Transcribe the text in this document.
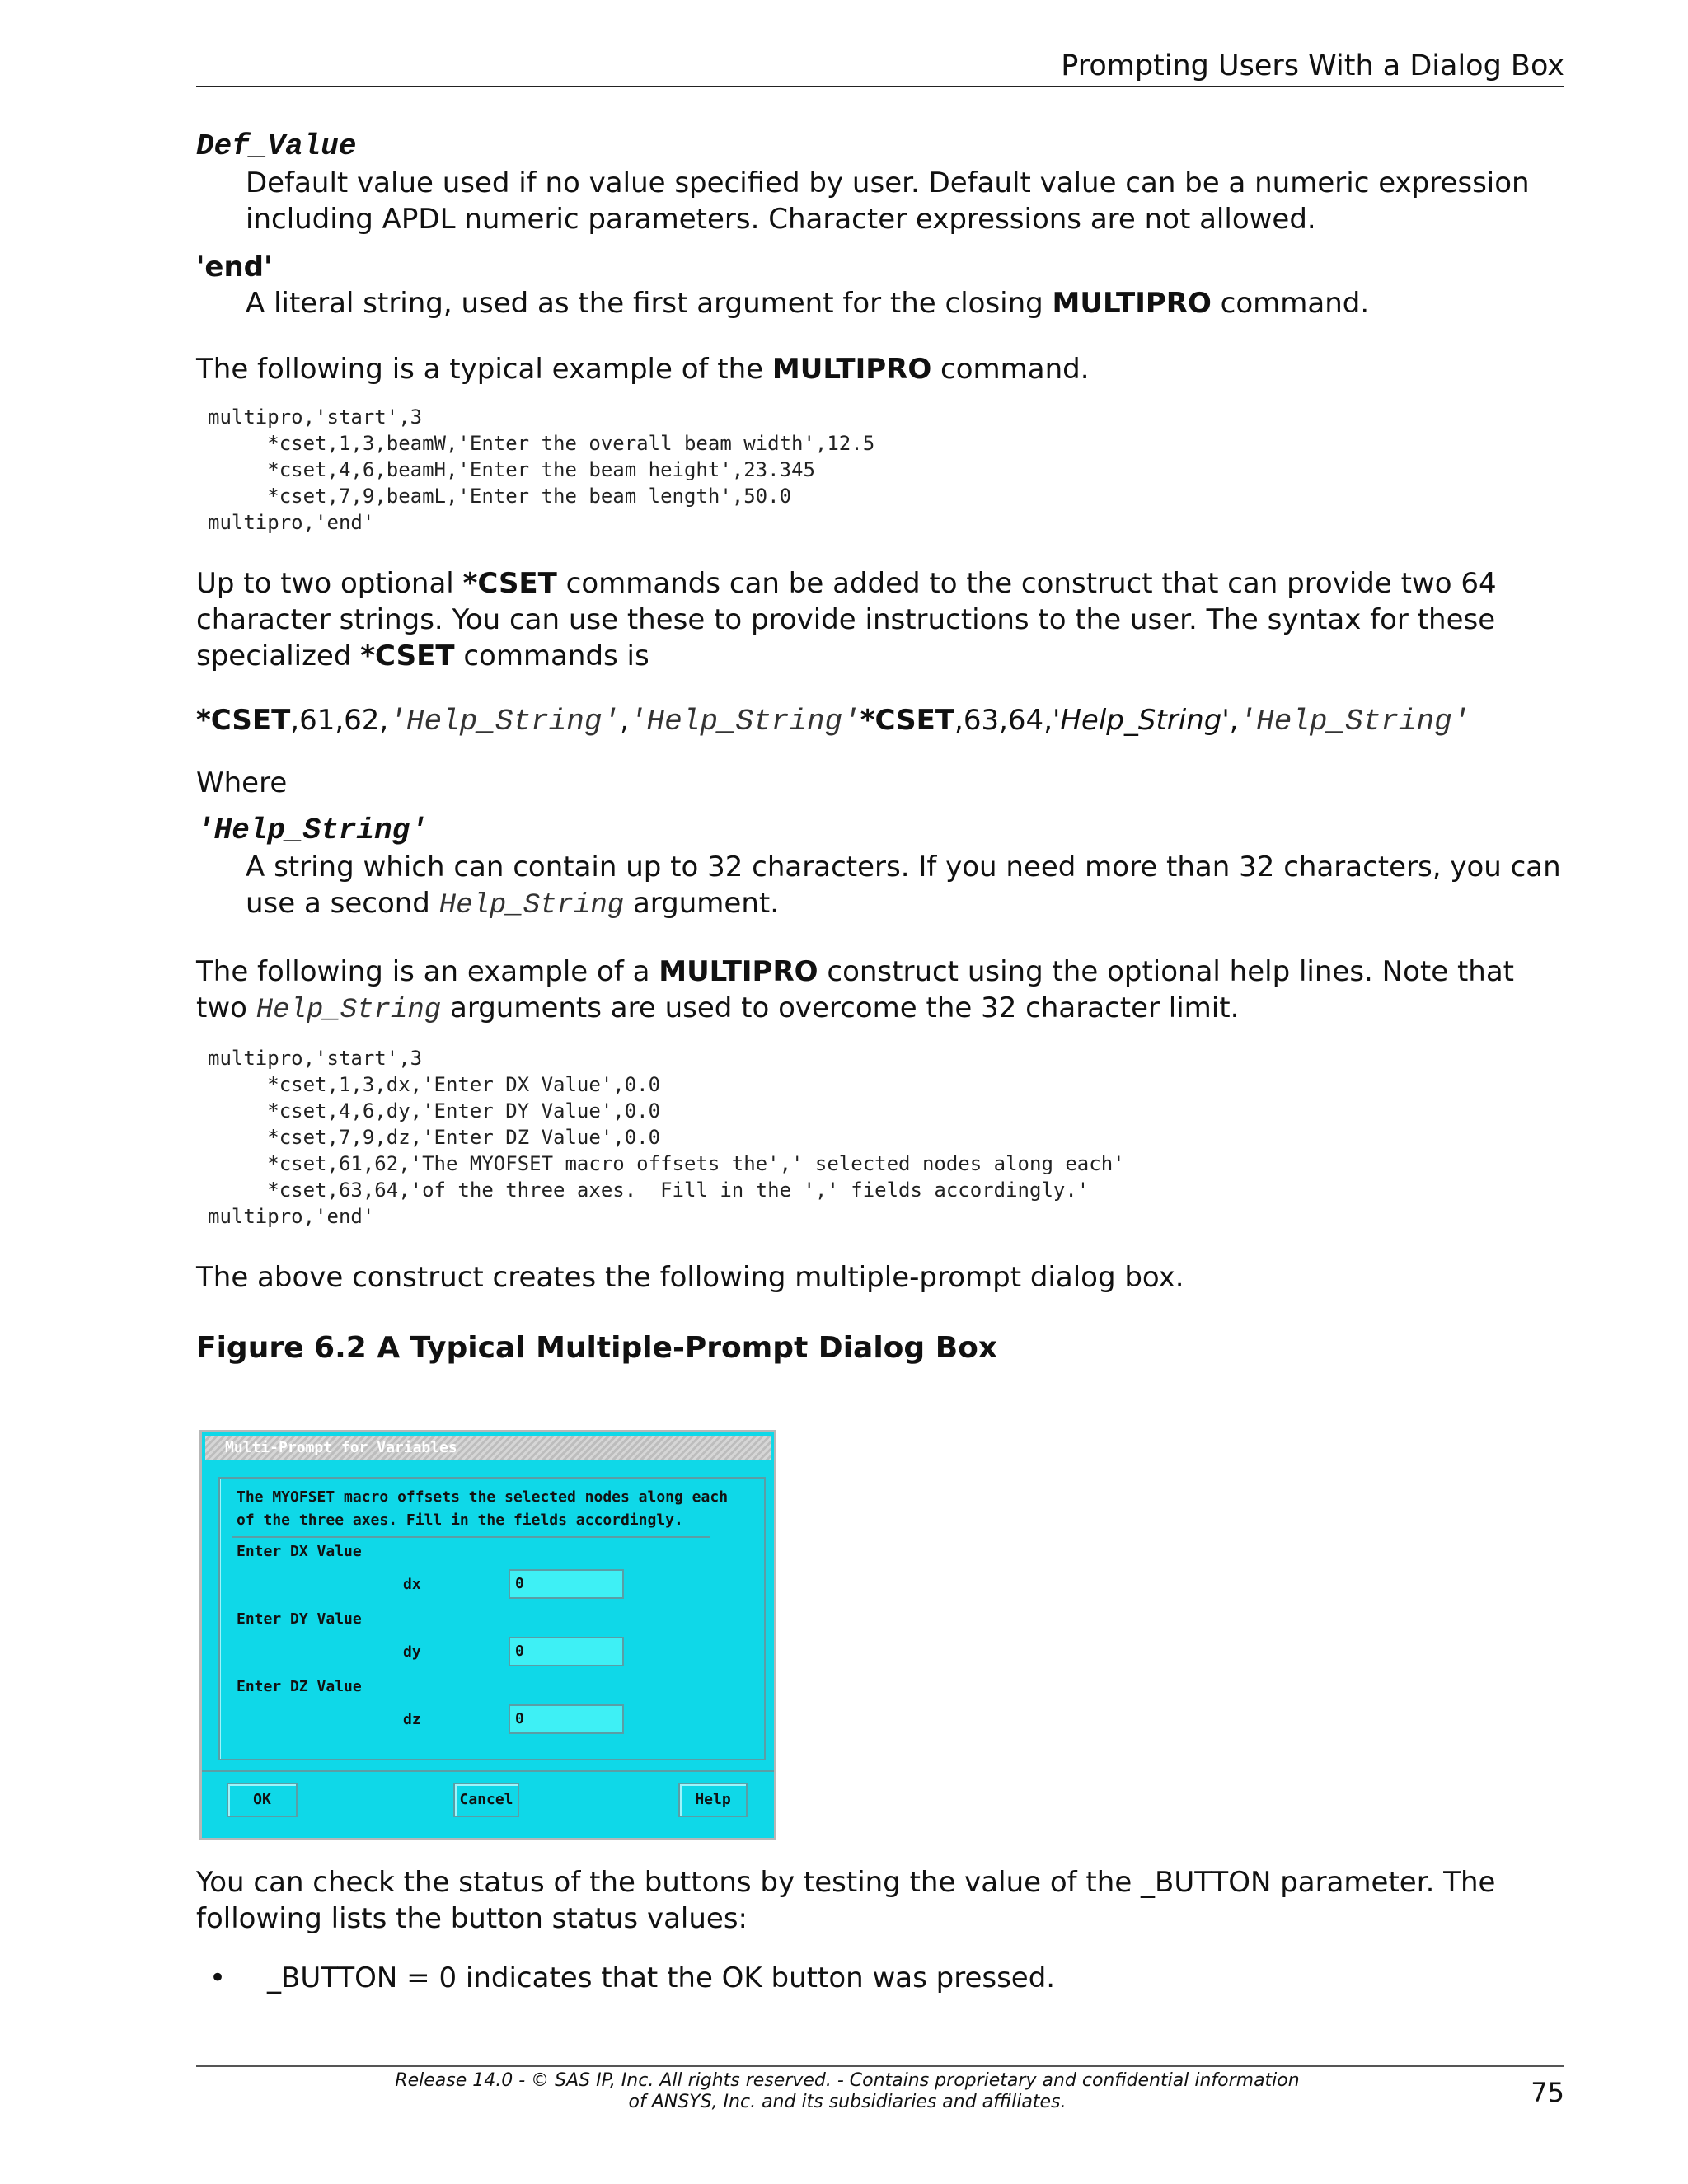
Prompting Users With a Dialog Box

Def_Value

Default value used if no value specified by user. Default value can be a numeric expression including APDL numeric parameters. Character expressions are not allowed.

'end'

A literal string, used as the first argument for the closing MULTIPRO command.

The following is a typical example of the MULTIPRO command.

multipro,'start',3
*cset,1,3,beamW,'Enter the overall beam width',12.5
*cset,4,6,beamH,'Enter the beam height',23.345
*cset,7,9,beamL,'Enter the beam length',50.0
multipro,'end'

Up to two optional *CSET commands can be added to the construct that can provide two 64 character strings. You can use these to provide instructions to the user. The syntax for these specialized *CSET commands is

*CSET,61,62,'Help_String','Help_String'*CSET,63,64,'Help_String','Help_String'

Where

'Help_String'

A string which can contain up to 32 characters. If you need more than 32 characters, you can use a second Help_String argument.

The following is an example of a MULTIPRO construct using the optional help lines. Note that two Help_String arguments are used to overcome the 32 character limit.

multipro,'start',3
*cset,1,3,dx,'Enter DX Value',0.0
*cset,4,6,dy,'Enter DY Value',0.0
*cset,7,9,dz,'Enter DZ Value',0.0
*cset,61,62,'The MYOFSET macro offsets the',' selected nodes along each'
*cset,63,64,'of the three axes.  Fill in the ',' fields accordingly.'
multipro,'end'

The above construct creates the following multiple-prompt dialog box.

Figure 6.2 A Typical Multiple-Prompt Dialog Box

Multi-Prompt for Variables
The MYOFSET macro offsets the selected nodes along each
of the three axes. Fill in the fields accordingly.
Enter DX Value
dx	0
Enter DY Value
dy	0
Enter DZ Value
dz	0
OK	Cancel	Help

You can check the status of the buttons by testing the value of the _BUTTON parameter. The following lists the button status values:

•	_BUTTON = 0 indicates that the OK button was pressed.
Release 14.0 - © SAS IP, Inc. All rights reserved. - Contains proprietary and confidential information
of ANSYS, Inc. and its subsidiaries and affiliates.	75
